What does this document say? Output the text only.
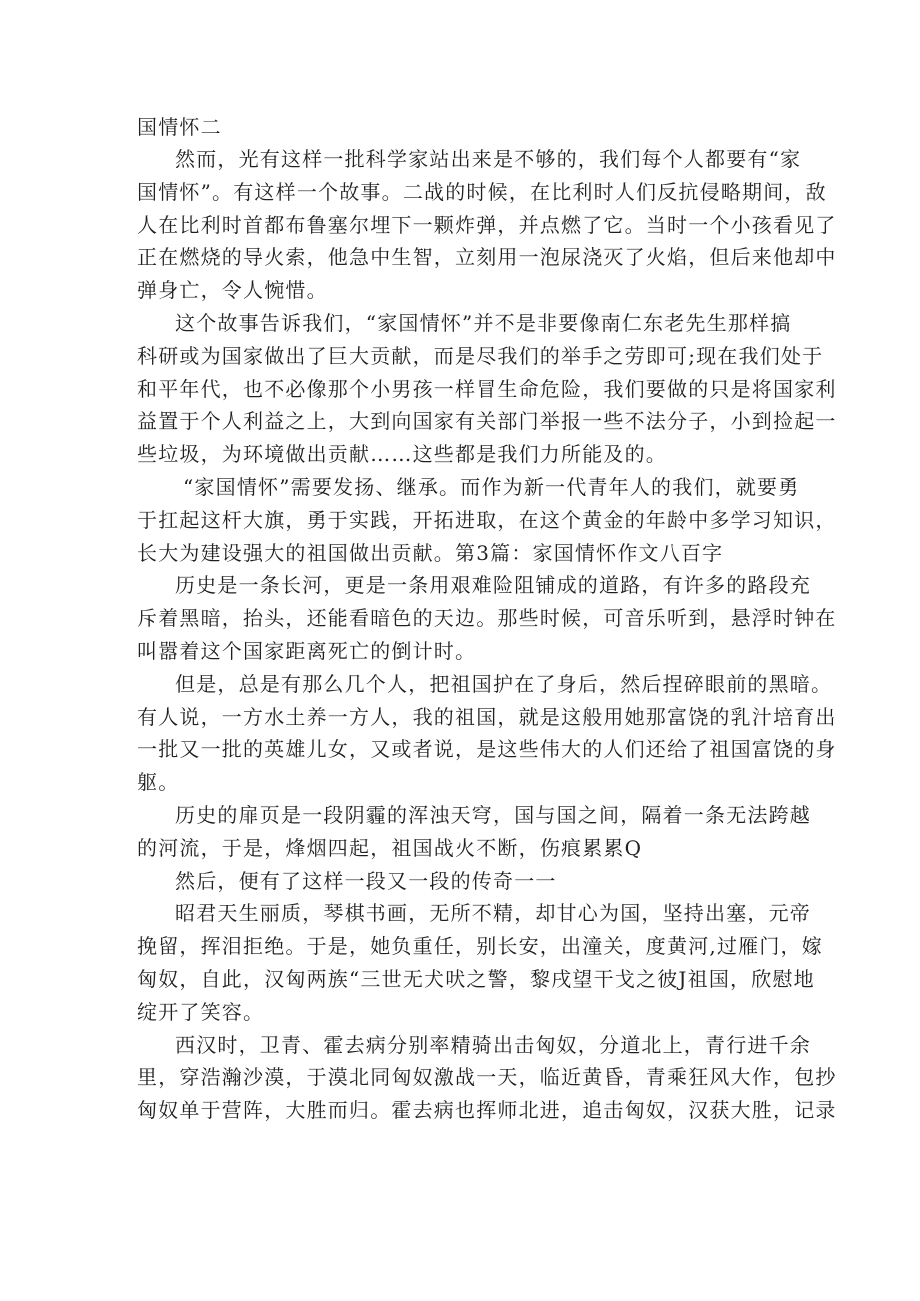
国情怀二
然而，光有这样一批科学家站出来是不够的，我们每个人都要有“家
国情怀”。有这样一个故事。二战的时候，在比利时人们反抗侵略期间，敌
人在比利时首都布鲁塞尔埋下一颗炸弹，并点燃了它。当时一个小孩看见了
正在燃烧的导火索，他急中生智，立刻用一泡尿浇灭了火焰，但后来他却中
弹身亡，令人惋惜。
这个故事告诉我们，“家国情怀”并不是非要像南仁东老先生那样搞
科研或为国家做出了巨大贡献，而是尽我们的举手之劳即可;现在我们处于
和平年代，也不必像那个小男孩一样冒生命危险，我们要做的只是将国家利
益置于个人利益之上，大到向国家有关部门举报一些不法分子，小到捡起一
些垃圾，为环境做出贡献……这些都是我们力所能及的。
“家国情怀”需要发扬、继承。而作为新一代青年人的我们，就要勇
于扛起这杆大旗，勇于实践，开拓进取，在这个黄金的年龄中多学习知识，
长大为建设强大的祖国做出贡献。第3篇：家国情怀作文八百字
历史是一条长河，更是一条用艰难险阻铺成的道路，有许多的路段充
斥着黑暗，抬头，还能看暗色的天边。那些时候，可音乐听到，悬浮时钟在
叫嚣着这个国家距离死亡的倒计时。
但是，总是有那么几个人，把祖国护在了身后，然后捏碎眼前的黑暗。
有人说，一方水土养一方人，我的祖国，就是这般用她那富饶的乳汁培育出
一批又一批的英雄儿女，又或者说，是这些伟大的人们还给了祖国富饶的身
躯。
历史的扉页是一段阴霾的浑浊天穹，国与国之间，隔着一条无法跨越
的河流，于是，烽烟四起，祖国战火不断，伤痕累累Q
然后，便有了这样一段又一段的传奇一一
昭君天生丽质，琴棋书画，无所不精，却甘心为国，坚持出塞，元帝
挽留，挥泪拒绝。于是，她负重任，别长安，出潼关，度黄河,过雁门，嫁
匈奴，自此，汉匈两族“三世无犬吠之警，黎戌望干戈之彼J祖国，欣慰地
绽开了笑容。
西汉时，卫青、霍去病分别率精骑出击匈奴，分道北上，青行进千余
里，穿浩瀚沙漠，于漠北同匈奴激战一天，临近黄昏，青乘狂风大作，包抄
匈奴单于营阵，大胜而归。霍去病也挥师北进，追击匈奴，汉获大胜，记录
